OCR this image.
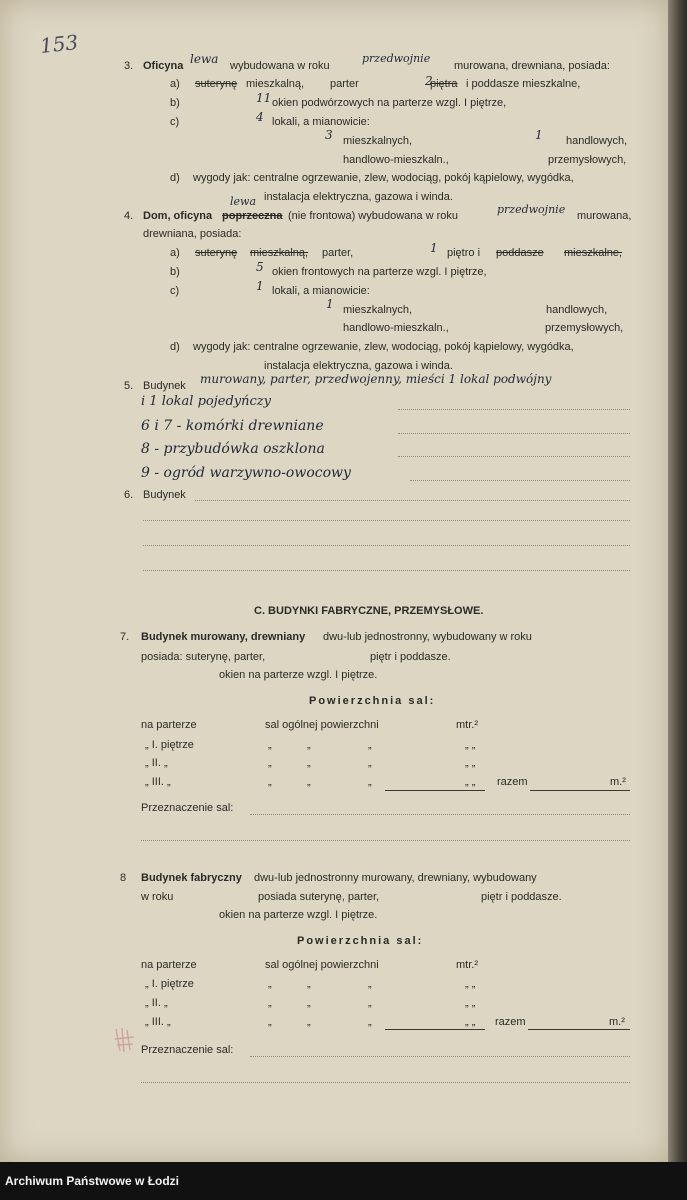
153
3. Oficyna lewa wybudowana w roku
przedwojnie
murowana, drewniana, posiada:
a) suterynę mieszkalną, parter	2
piętra i poddasze mieszkalne,
b)	11 okien podwórzowych na parterze wzgl. I piętrze,
c)	4 lokali, a mianowicie:
3 mieszkalnych,	1 handlowych,
handlowo-mieszkaln.,	przemysłowych,
d) wygody jak: centralne ogrzewanie, zlew, wodociąg, pokój kąpielowy, wygódka,
instalacja elektryczna, gazowa i winda.
4. Dom, oficyna poprzeczna
lewa
(nie frontowa) wybudowana w roku	przedwojnie murowana,
drewniana, posiada:
a) suterynę mieszkalną, parter,	1 piętro i poddasze mieszkalne,
b)	5 okien frontowych na parterze wzgl. I piętrze,
c)	1 lokali, a mianowicie:
1 mieszkalnych,	handlowych,
handlowo-mieszkaln.,	przemysłowych,
d) wygody jak: centralne ogrzewanie, zlew, wodociąg, pokój kąpielowy, wygódka,
instalacja elektryczna, gazowa i winda.
5. Budynek murowany, parter, przedwojenny, mieści 1 lokal podwójny
i 1 lokal pojedyńczy
6 i 7 - komórki drewniane
8 - przybudówka oszklona
9 - ogród warzywno-owocowy
6. Budynek
C. BUDYNKI FABRYCZNE, PRZEMYSŁOWE.
7. Budynek murowany, drewniany dwu-lub jednostronny, wybudowany w roku
posiada: suterynę, parter,	piętr i poddasze.
okien na parterze wzgl. I piętrze.
Powierzchnia sal:
na parterze	sal ogólnej powierzchni	mtr.²
„ I. piętrze	„	„	„	„ „
„ II. „	„	„	„	„ „
„ III. „	„	„	„	„ „ razem	m.²
Przeznaczenie sal:
8 Budynek fabryczny dwu-lub jednostronny murowany, drewniany, wybudowany
w roku	posiada suterynę, parter,	piętr i poddasze.
okien na parterze wzgl. I piętrze.
Powierzchnia sal:
na parterze	sal ogólnej powierzchni	mtr.²
„ I. piętrze	„	„	„	„ „
„ II. „	„	„	„	„ „
„ III. „	„	„	„	„ „ razem	m.²
Przeznaczenie sal:
Archiwum Państwowe w Łodzi
